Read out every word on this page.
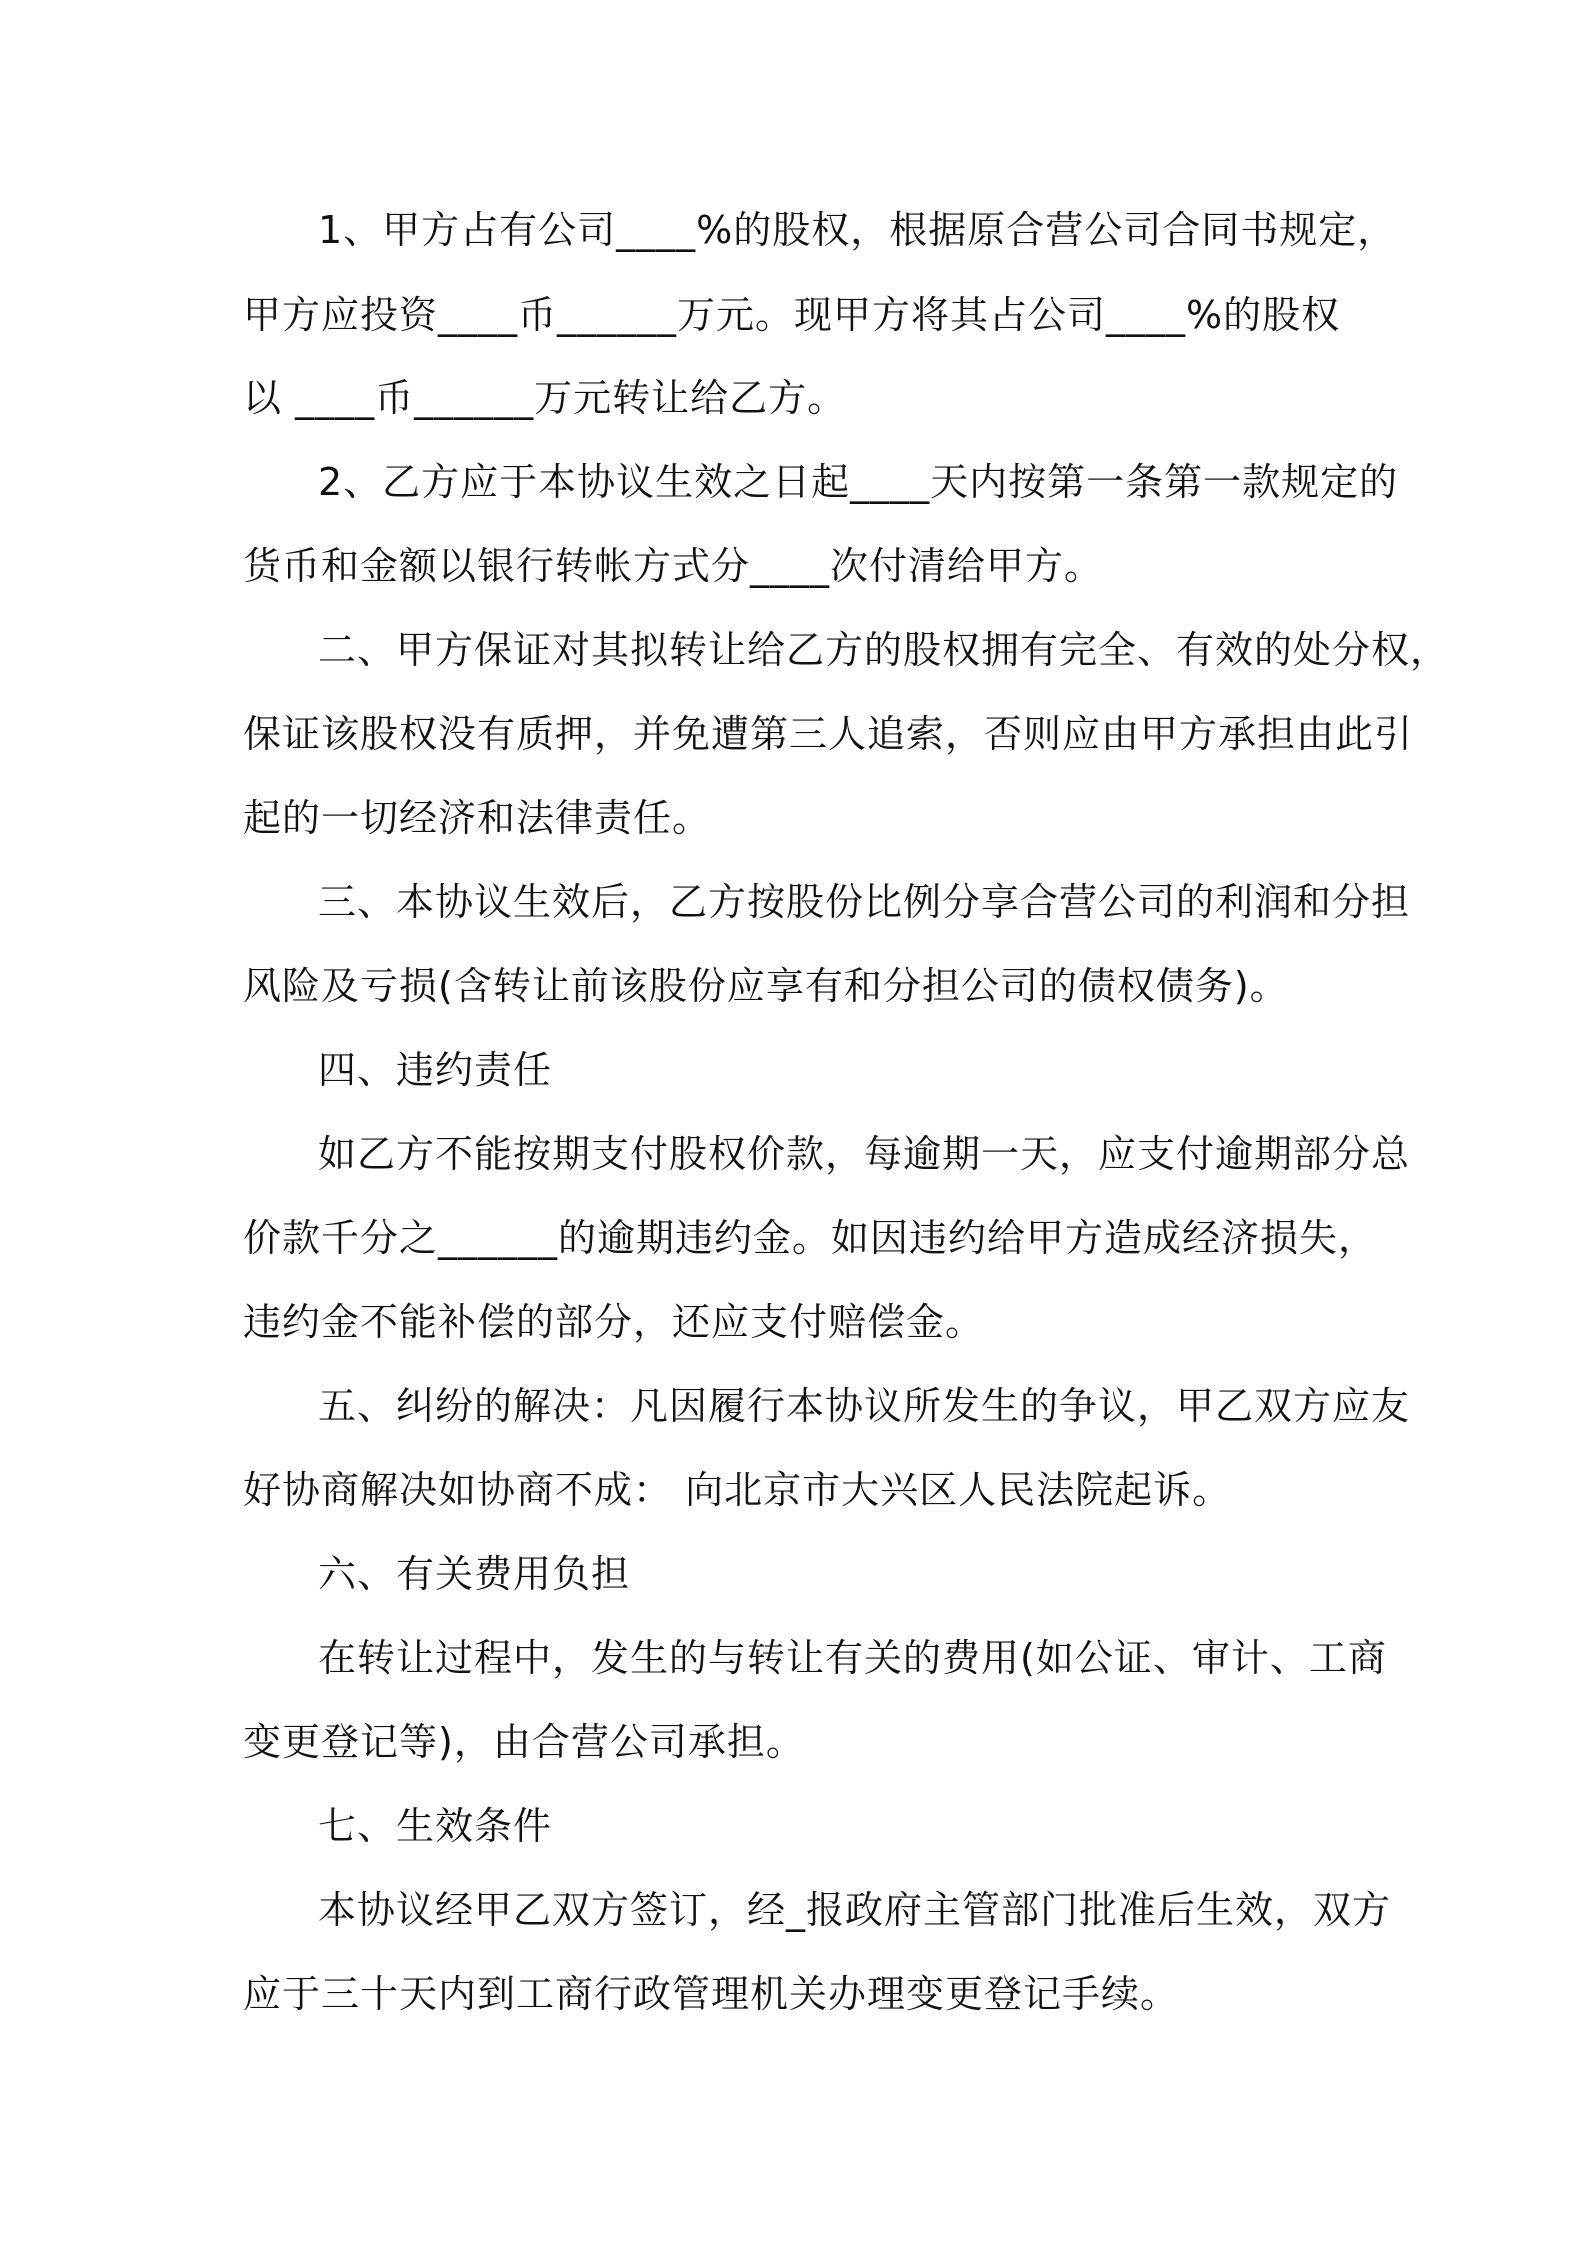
1、甲方占有公司____%的股权，根据原合营公司合同书规定，
甲方应投资____币______万元。现甲方将其占公司____%的股权
以 ____币______万元转让给乙方。
2、乙方应于本协议生效之日起____天内按第一条第一款规定的
货币和金额以银行转帐方式分____次付清给甲方。
二、甲方保证对其拟转让给乙方的股权拥有完全、有效的处分权，
保证该股权没有质押，并免遭第三人追索，否则应由甲方承担由此引
起的一切经济和法律责任。
三、本协议生效后，乙方按股份比例分享合营公司的利润和分担
风险及亏损(含转让前该股份应享有和分担公司的债权债务)。
四、违约责任
如乙方不能按期支付股权价款，每逾期一天，应支付逾期部分总
价款千分之______的逾期违约金。如因违约给甲方造成经济损失，
违约金不能补偿的部分，还应支付赔偿金。
五、纠纷的解决：凡因履行本协议所发生的争议，甲乙双方应友
好协商解决如协商不成： 向北京市大兴区人民法院起诉。
六、有关费用负担
在转让过程中，发生的与转让有关的费用(如公证、审计、工商
变更登记等)，由合营公司承担。
七、生效条件
本协议经甲乙双方签订，经_报政府主管部门批准后生效，双方
应于三十天内到工商行政管理机关办理变更登记手续。
